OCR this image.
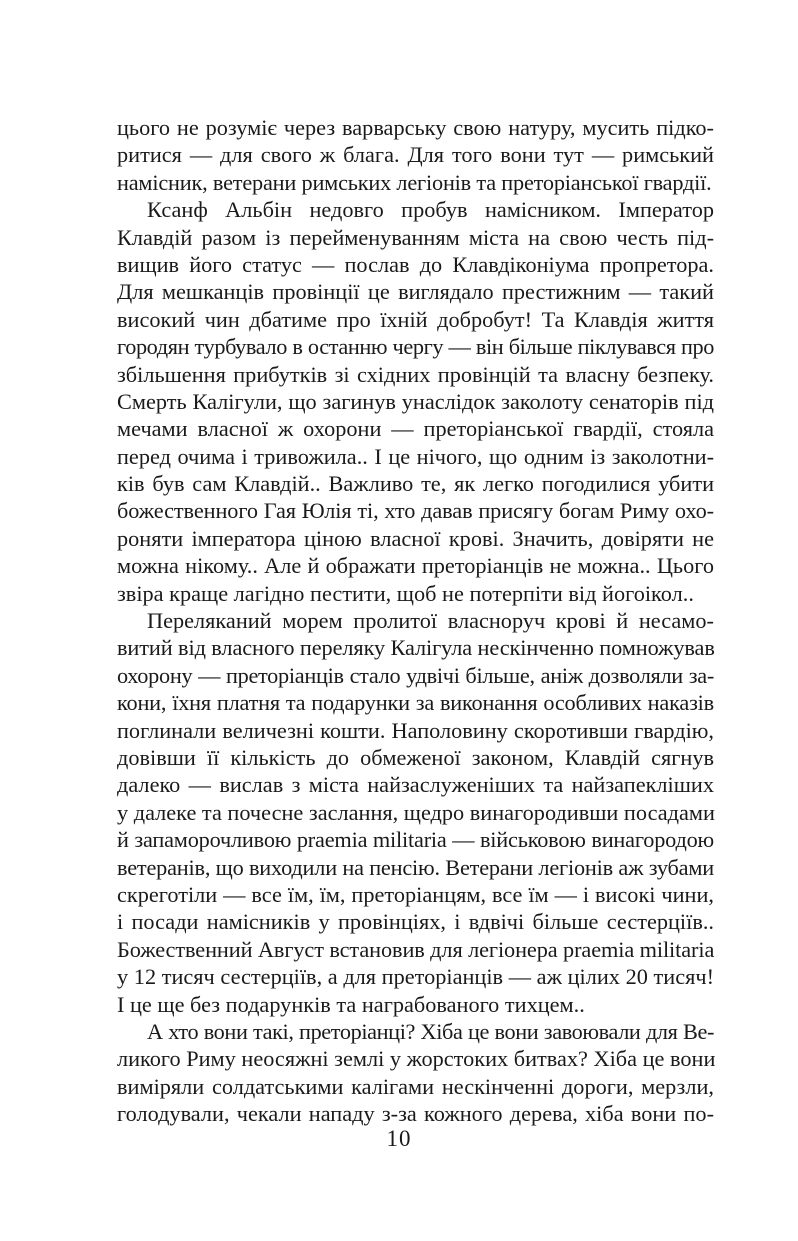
цього не розуміє через варварську свою натуру, мусить підко-
ритися — для свого ж блага. Для того вони тут — римський
намісник, ветерани римських легіонів та преторіанської гвардії.
Ксанф Альбін недовго пробув намісником. Імператор
Клавдій разом із перейменуванням міста на свою честь під-
вищив його статус — послав до Клавдіконіума пропретора.
Для мешканців провінції це виглядало престижним — такий
високий чин дбатиме про їхній добробут! Та Клавдія життя
городян турбувало в останню чергу — він більше піклувався про
збільшення прибутків зі східних провінцій та власну безпеку.
Смерть Калігули, що загинув унаслідок заколоту сенаторів під
мечами власної ж охорони — преторіанської гвардії, стояла
перед очима і тривожила.. І це нічого, що одним із заколотни-
ків був сам Клавдій.. Важливо те, як легко погодилися убити
божественного Гая Юлія ті, хто давав присягу богам Риму охо-
роняти імператора ціною власної крові. Значить, довіряти не
можна нікому.. Але й ображати преторіанців не можна.. Цього
звіра краще лагідно пестити, щоб не потерпіти від йогоікол..
Переляканий морем пролитої власноруч крові й несамо-
витий від власного переляку Калігула нескінченно помножував
охорону — преторіанців стало удвічі більше, аніж дозволяли за-
кони, їхня платня та подарунки за виконання особливих наказів
поглинали величезні кошти. Наполовину скоротивши гвардію,
довівши її кількість до обмеженої законом, Клавдій сягнув
далеко — вислав з міста найзаслуженіших та найзапекліших
у далеке та почесне заслання, щедро винагородивши посадами
й запаморочливою praemia militaria — військовою винагородою
ветеранів, що виходили на пенсію. Ветерани легіонів аж зубами
скреготіли — все їм, їм, преторіанцям, все їм — і високі чини,
і посади намісників у провінціях, і вдвічі більше сестерціїв..
Божественний Август встановив для легіонера praemia militaria
у 12 тисяч сестерціїв, а для преторіанців — аж цілих 20 тисяч!
І це ще без подарунків та награбованого тихцем..
А хто вони такі, преторіанці? Хіба це вони завоювали для Ве-
ликого Риму неосяжні землі у жорстоких битвах? Хіба це вони
виміряли солдатськими калігами нескінченні дороги, мерзли,
голодували, чекали нападу з-за кожного дерева, хіба вони по-
10
